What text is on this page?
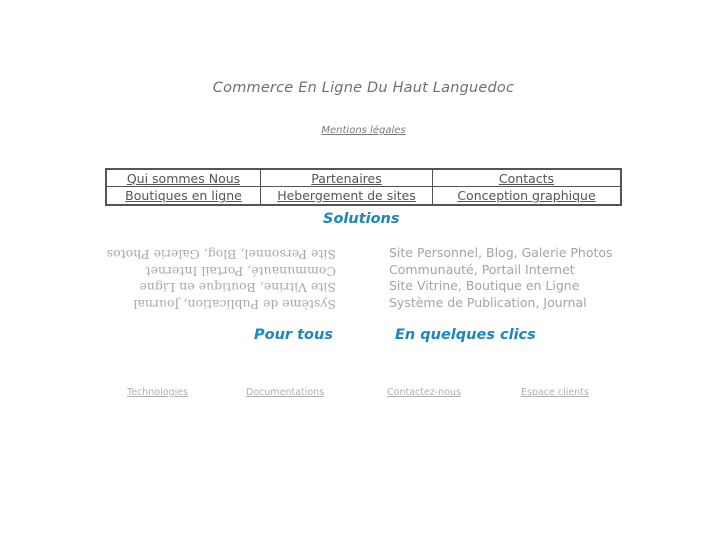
Commerce En Ligne Du Haut Languedoc
Mentions légales
Qui sommes Nous	Partenaires	Contacts
Boutiques en ligne	Hebergement de sites	Conception graphique
Solutions
Site Personnel, Blog, Galerie Photos
Communauté, Portail Internet
Site Vitrine, Boutique en Ligne
Système de Publication, Journal
Site Personnel, Blog, Galerie Photos
Communauté, Portail Internet
Site Vitrine, Boutique en Ligne
Système de Publication, Journal
Pour tous	En quelques clics
Technologies	Documentations	Contactez-nous	Espace clients
